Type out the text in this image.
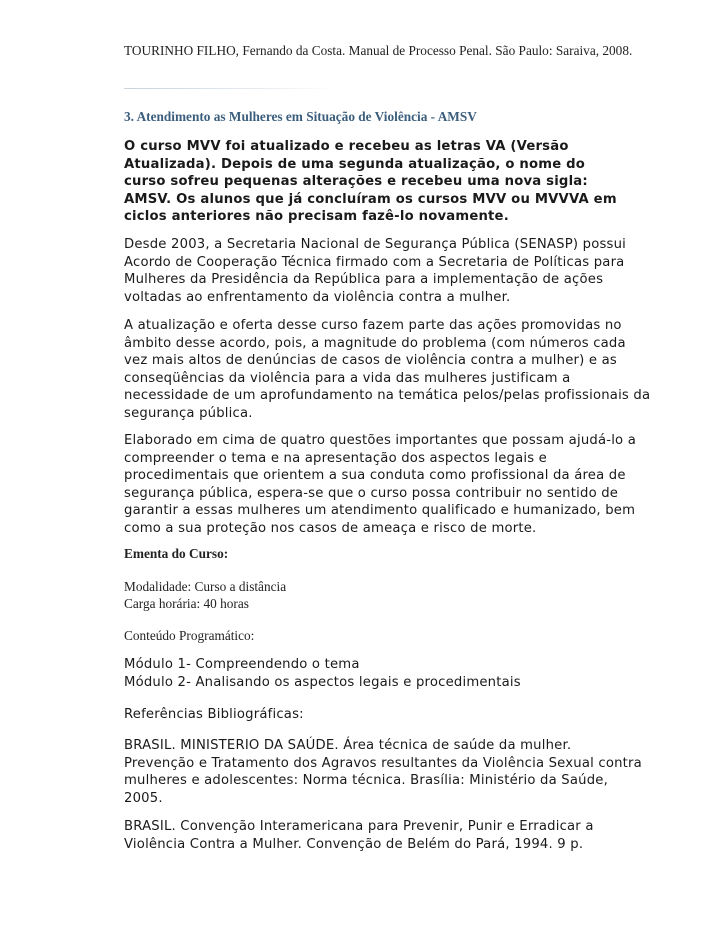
TOURINHO FILHO, Fernando da Costa. Manual de Processo Penal. São Paulo: Saraiva, 2008.
3. Atendimento as Mulheres em Situação de Violência - AMSV
O curso MVV foi atualizado e recebeu as letras VA (Versão
Atualizada). Depois de uma segunda atualização, o nome do
curso sofreu pequenas alterações e recebeu uma nova sigla:
AMSV. Os alunos que já concluíram os cursos MVV ou MVVVA em
ciclos anteriores não precisam fazê-lo novamente.
Desde 2003, a Secretaria Nacional de Segurança Pública (SENASP) possui
Acordo de Cooperação Técnica firmado com a Secretaria de Políticas para
Mulheres da Presidência da República para a implementação de ações
voltadas ao enfrentamento da violência contra a mulher.
A atualização e oferta desse curso fazem parte das ações promovidas no
âmbito desse acordo, pois, a magnitude do problema (com números cada
vez mais altos de denúncias de casos de violência contra a mulher) e as
conseqüências da violência para a vida das mulheres justificam a
necessidade de um aprofundamento na temática pelos/pelas profissionais da
segurança pública.
Elaborado em cima de quatro questões importantes que possam ajudá-lo a
compreender o tema e na apresentação dos aspectos legais e
procedimentais que orientem a sua conduta como profissional da área de
segurança pública, espera-se que o curso possa contribuir no sentido de
garantir a essas mulheres um atendimento qualificado e humanizado, bem
como a sua proteção nos casos de ameaça e risco de morte.
Ementa do Curso:
Modalidade: Curso a distância
Carga horária: 40 horas
Conteúdo Programático:
Módulo 1- Compreendendo o tema
Módulo 2- Analisando os aspectos legais e procedimentais
Referências Bibliográficas:
BRASIL. MINISTERIO DA SAÚDE. Área técnica de saúde da mulher.
Prevenção e Tratamento dos Agravos resultantes da Violência Sexual contra
mulheres e adolescentes: Norma técnica. Brasília: Ministério da Saúde,
2005.
BRASIL. Convenção Interamericana para Prevenir, Punir e Erradicar a
Violência Contra a Mulher. Convenção de Belém do Pará, 1994. 9 p.
